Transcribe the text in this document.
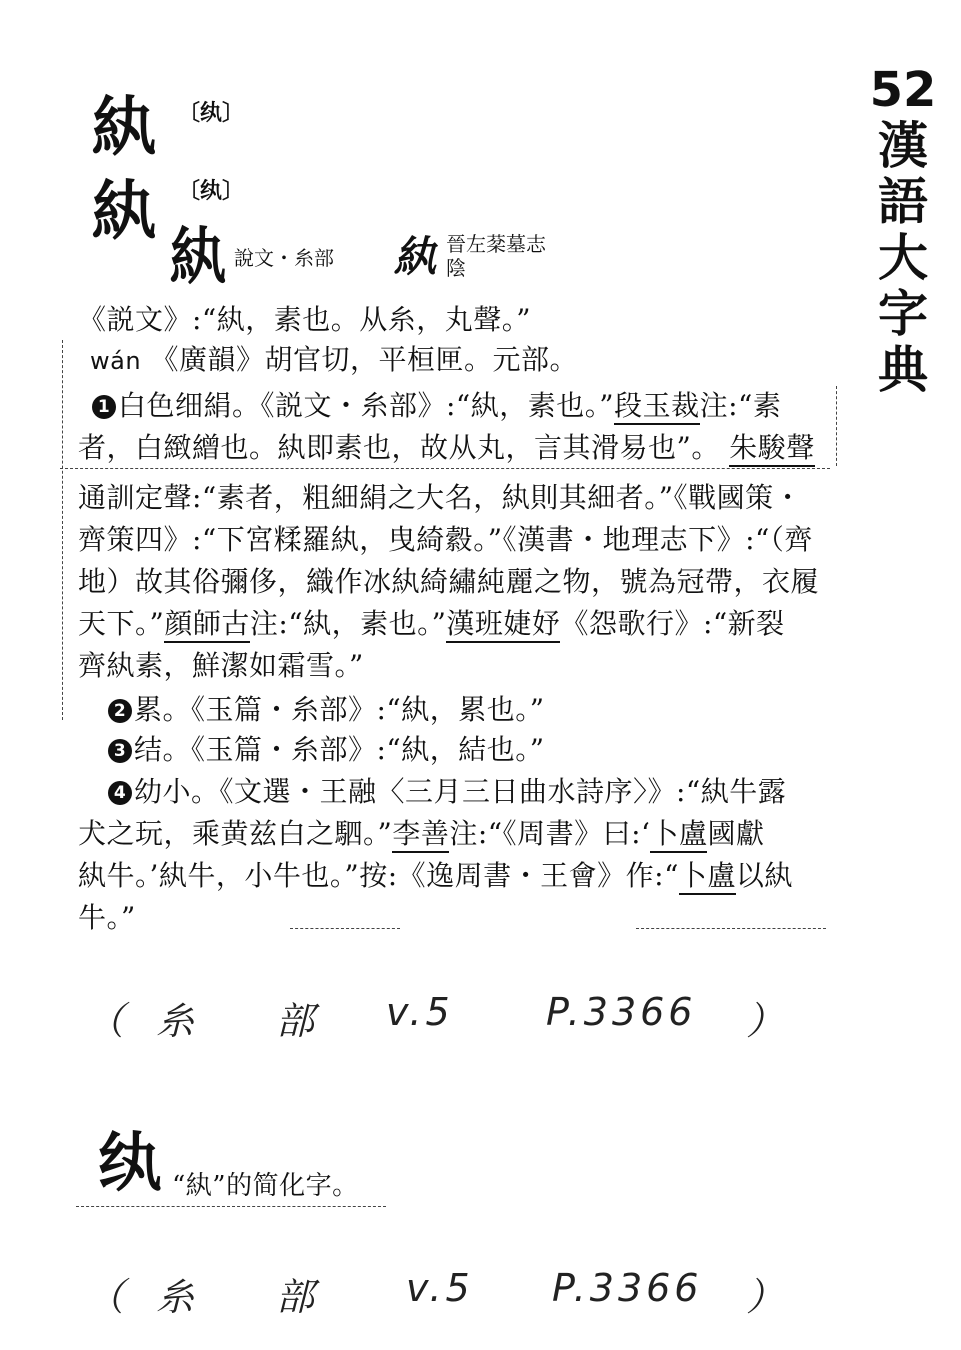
52
漢
語
大
字
典
紈 〔纨〕
紈 〔纨〕
紈 說文・糸部 紈 晉左棻墓志
陰
《説文》:“紈，素也。从糸，丸聲。”
wán 《廣韻》胡官切，平桓匣。元部。
1 白色细絹。《説文・糸部》:“紈，素也。”段玉裁注:“素
者，白緻繒也。紈即素也，故从丸，言其滑易也”。 朱駿聲
通訓定聲:“素者，粗細絹之大名，紈則其細者。”《戰國策・
齊策四》:“下宮糅羅紈，曳綺縠。”《漢書・地理志下》:“（齊
地）故其俗彌侈，織作冰紈綺繡純麗之物，號為冠帶，衣履
天下。”顔師古注:“紈，素也。”漢班婕妤《怨歌行》:“新裂
齊紈素，鮮潔如霜雪。”
2 累。《玉篇・糸部》:“紈，累也。”
3 结。《玉篇・糸部》:“紈，結也。”
4 幼小。《文選・王融〈三月三日曲水詩序〉》:“紈牛露
犬之玩，乘黄兹白之駟。”李善注:“《周書》曰:‘卜盧國獻
紈牛。’紈牛，小牛也。”按:《逸周書・王會》作:“卜盧以紈
牛。”
（ 糸 部 v.5 P.3366 ）
纨 “紈”的简化字。
（ 糸 部 v.5 P.3366 ）
